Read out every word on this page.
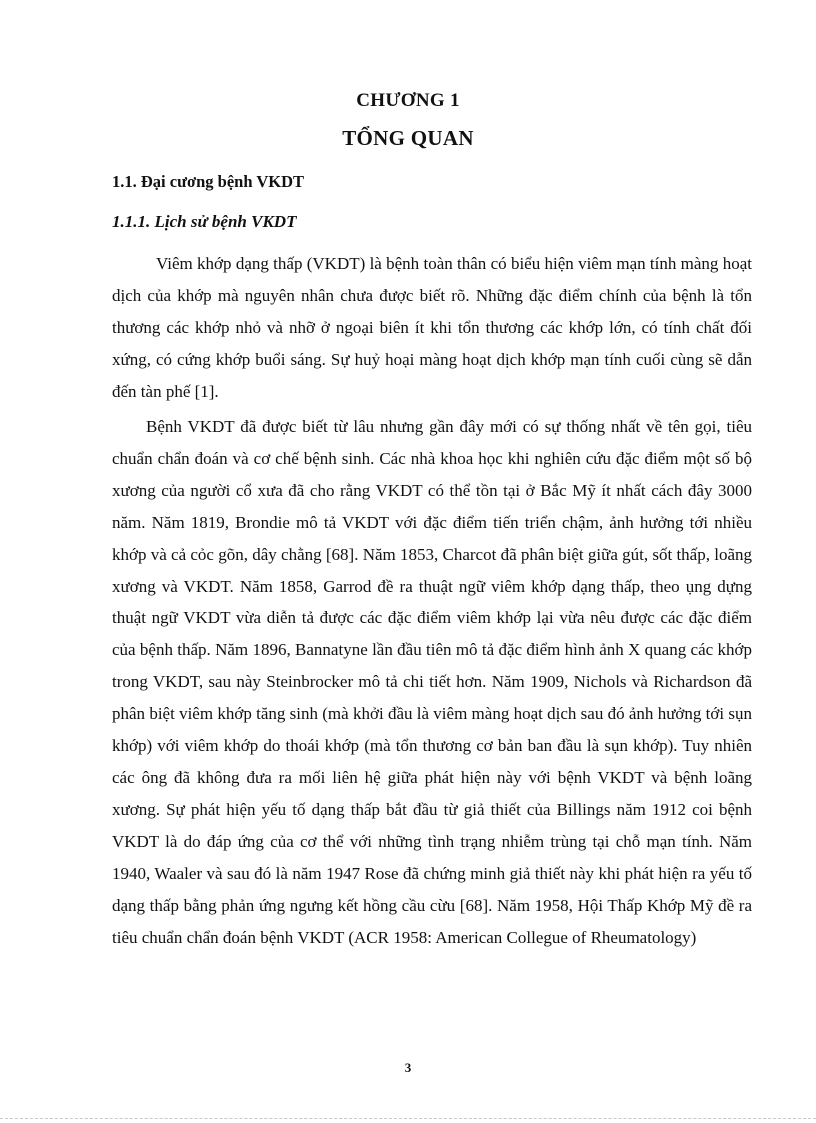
CHƯƠNG 1
TỔNG QUAN
1.1. Đại cương bệnh VKDT
1.1.1. Lịch sử bệnh VKDT

Viêm khớp dạng thấp (VKDT) là bệnh toàn thân có biểu hiện viêm mạn tính màng hoạt dịch của khớp mà nguyên nhân chưa được biết rõ. Những đặc điểm chính của bệnh là tổn thương các khớp nhỏ và nhỡ ở ngoại biên ít khi tổn thương các khớp lớn, có tính chất đối xứng, có cứng khớp buổi sáng. Sự huỷ hoại màng hoạt dịch khớp mạn tính cuối cùng sẽ dẫn đến tàn phế [1].

Bệnh VKDT đã được biết từ lâu nhưng gần đây mới có sự thống nhất về tên gọi, tiêu chuẩn chẩn đoán và cơ chế bệnh sinh. Các nhà khoa học khi nghiên cứu đặc điểm một số bộ xương của người cổ xưa đã cho rằng VKDT có thể tồn tại ở Bắc Mỹ ít nhất cách đây 3000 năm. Năm 1819, Brondie mô tả VKDT với đặc điểm tiến triển chậm, ảnh hưởng tới nhiều khớp và cả cỏc gõn, dây chằng [68]. Năm 1853, Charcot đã phân biệt giữa gút, sốt thấp, loãng xương và VKDT. Năm 1858, Garrod đề ra thuật ngữ viêm khớp dạng thấp, theo ụng dựng thuật ngữ VKDT vừa diễn tả được các đặc điểm viêm khớp lại vừa nêu được các đặc điểm của bệnh thấp. Năm 1896, Bannatyne lần đầu tiên mô tả đặc điểm hình ảnh X quang các khớp trong VKDT, sau này Steinbrocker mô tả chi tiết hơn. Năm 1909, Nichols và Richardson đã phân biệt viêm khớp tăng sinh (mà khởi đầu là viêm màng hoạt dịch sau đó ảnh hưởng tới sụn khớp) với viêm khớp do thoái khớp (mà tổn thương cơ bản ban đầu là sụn khớp). Tuy nhiên các ông đã không đưa ra mối liên hệ giữa phát hiện này với bệnh VKDT và bệnh loãng xương. Sự phát hiện yếu tố dạng thấp bắt đầu từ giả thiết của Billings năm 1912 coi bệnh VKDT là do đáp ứng của cơ thể với những tình trạng nhiễm trùng tại chỗ mạn tính. Năm 1940, Waaler và sau đó là năm 1947 Rose đã chứng minh giả thiết này khi phát hiện ra yếu tố dạng thấp bằng phản ứng ngưng kết hồng cầu cừu [68]. Năm 1958, Hội Thấp Khớp Mỹ đề ra tiêu chuẩn chẩn đoán bệnh VKDT (ACR 1958: American Collegue of Rheumatology)

3
